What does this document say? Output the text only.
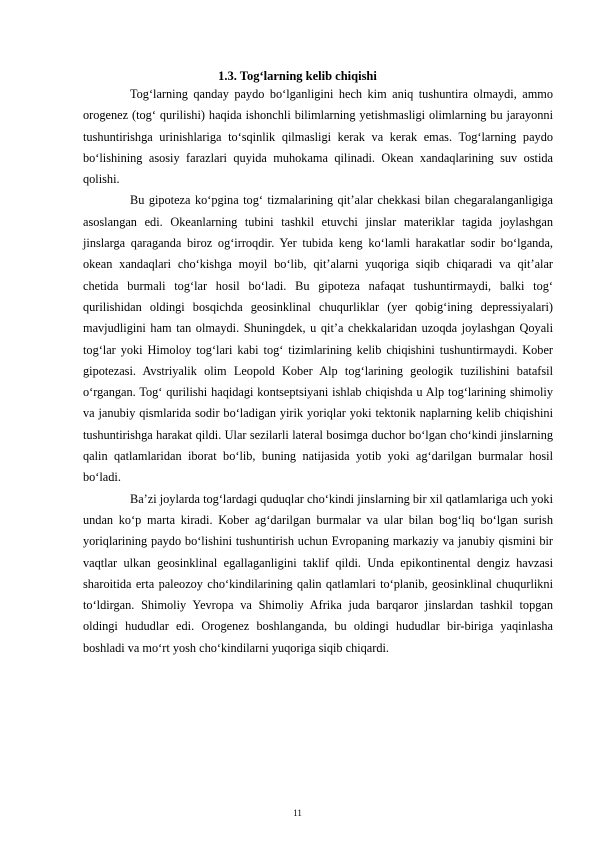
1.3. Tog‘larning kelib chiqishi

Tog‘larning qanday paydo bo‘lganligini hech kim aniq tushuntira olmaydi, ammo orogenez (tog‘ qurilishi) haqida ishonchli bilimlarning yetishmasligi olimlarning bu jarayonni tushuntirishga urinishlariga to‘sqinlik qilmasligi kerak va kerak emas. Tog‘larning paydo bo‘lishining asosiy farazlari quyida muhokama qilinadi. Okean xandaqlarining suv ostida qolishi.

Bu gipoteza ko‘pgina tog‘ tizmalarining qit’alar chekkasi bilan chegaralanganligiga asoslangan edi. Okeanlarning tubini tashkil etuvchi jinslar materiklar tagida joylashgan jinslarga qaraganda biroz og‘irroqdir. Yer tubida keng ko‘lamli harakatlar sodir bo‘lganda, okean xandaqlari cho‘kishga moyil bo‘lib, qit’alarni yuqoriga siqib chiqaradi va qit’alar chetida burmali tog‘lar hosil bo‘ladi. Bu gipoteza nafaqat tushuntirmaydi, balki tog‘ qurilishidan oldingi bosqichda geosinklinal chuqurliklar (yer qobig‘ining depressiyalari) mavjudligini ham tan olmaydi. Shuningdek, u qit’a chekkalaridan uzoqda joylashgan Qoyali tog‘lar yoki Himoloy tog‘lari kabi tog‘ tizimlarining kelib chiqishini tushuntirmaydi. Kober gipotezasi. Avstriyalik olim Leopold Kober Alp tog‘larining geologik tuzilishini batafsil o‘rgangan. Tog‘ qurilishi haqidagi kontseptsiyani ishlab chiqishda u Alp tog‘larining shimoliy va janubiy qismlarida sodir bo‘ladigan yirik yoriqlar yoki tektonik naplarning kelib chiqishini tushuntirishga harakat qildi. Ular sezilarli lateral bosimga duchor bo‘lgan cho‘kindi jinslarning qalin qatlamlaridan iborat bo‘lib, buning natijasida yotib yoki ag‘darilgan burmalar hosil bo‘ladi.

Ba’zi joylarda tog‘lardagi quduqlar cho‘kindi jinslarning bir xil qatlamlariga uch yoki undan ko‘p marta kiradi. Kober ag‘darilgan burmalar va ular bilan bog‘liq bo‘lgan surish yoriqlarining paydo bo‘lishini tushuntirish uchun Evropaning markaziy va janubiy qismini bir vaqtlar ulkan geosinklinal egallaganligini taklif qildi. Unda epikontinental dengiz havzasi sharoitida erta paleozoy cho‘kindilarining qalin qatlamlari to‘planib, geosinklinal chuqurlikni to‘ldirgan. Shimoliy Yevropa va Shimoliy Afrika juda barqaror jinslardan tashkil topgan oldingi hududlar edi. Orogenez boshlanganda, bu oldingi hududlar bir-biriga yaqinlasha boshladi va mo‘rt yosh cho‘kindilarni yuqoriga siqib chiqardi.

11
